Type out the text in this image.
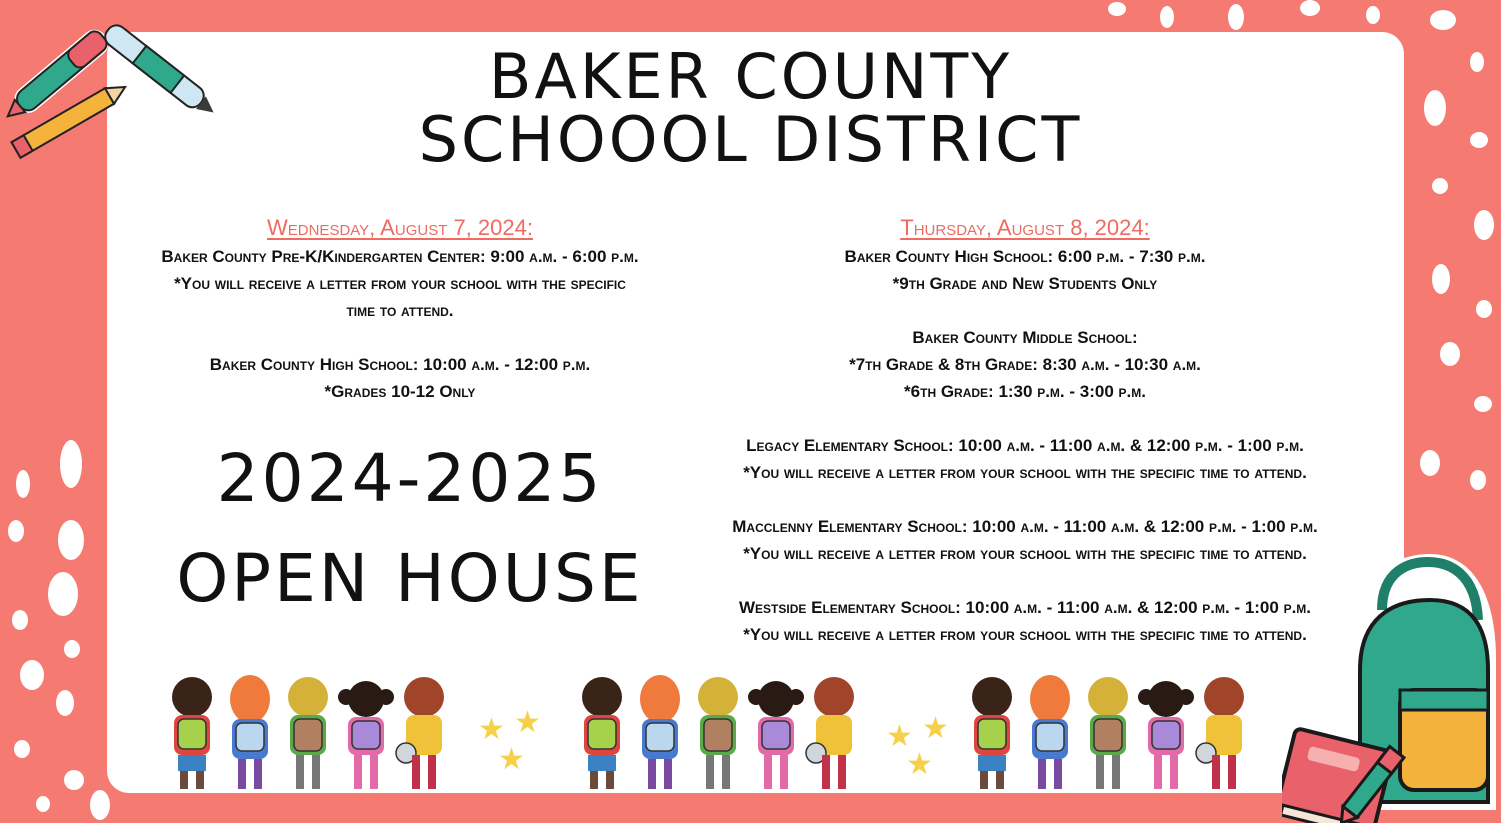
BAKER COUNTY
SCHOOOL DISTRICT
Wednesday, August 7, 2024:

Baker County Pre-K/Kindergarten Center: 9:00 a.m. - 6:00 p.m.

*You will receive a letter from your school with the specific

time to attend.

Baker County High School: 10:00 a.m. - 12:00 p.m.

*Grades 10-12 Only

2024-2025
OPEN HOUSE
Thursday, August 8, 2024:

Baker County High School: 6:00 p.m. - 7:30 p.m.

*9th Grade and New Students Only

Baker County Middle School:

*7th Grade & 8th Grade: 8:30 a.m. - 10:30 a.m.

*6th Grade: 1:30 p.m. - 3:00 p.m.

Legacy Elementary School: 10:00 a.m. - 11:00 a.m. & 12:00 p.m. - 1:00 p.m.

*You will receive a letter from your school with the specific time to attend.

Macclenny Elementary School: 10:00 a.m. - 11:00 a.m. & 12:00 p.m. - 1:00 p.m.

*You will receive a letter from your school with the specific time to attend.

Westside Elementary School: 10:00 a.m. - 11:00 a.m. & 12:00 p.m. - 1:00 p.m.

*You will receive a letter from your school with the specific time to attend.

★ ★
★
★ ★
★
